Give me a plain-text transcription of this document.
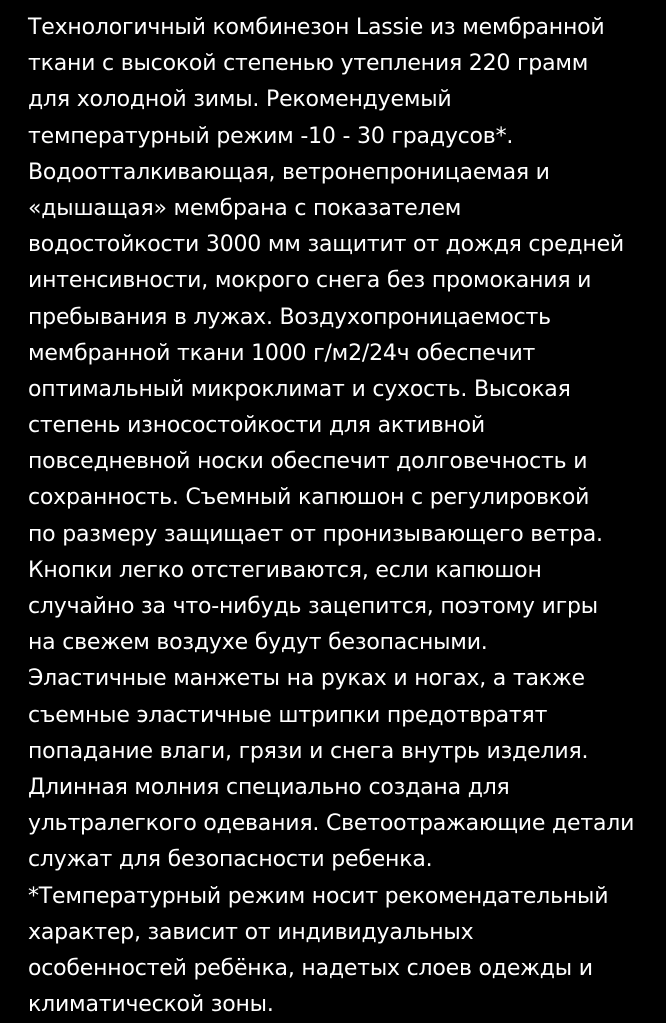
Технологичный комбинезон Lassie из мембранной
ткани с высокой степенью утепления 220 грамм
для холодной зимы. Рекомендуемый
температурный режим -10 - 30 градусов*.
Водоотталкивающая, ветронепроницаемая и
«дышащая» мембрана с показателем
водостойкости 3000 мм защитит от дождя средней
интенсивности, мокрого снега без промокания и
пребывания в лужах. Воздухопроницаемость
мембранной ткани 1000 г/м2/24ч обеспечит
оптимальный микроклимат и сухость. Высокая
степень износостойкости для активной
повседневной носки обеспечит долговечность и
сохранность. Съемный капюшон с регулировкой
по размеру защищает от пронизывающего ветра.
Кнопки легко отстегиваются, если капюшон
случайно за что-нибудь зацепится, поэтому игры
на свежем воздухе будут безопасными.
Эластичные манжеты на руках и ногах, а также
съемные эластичные штрипки предотвратят
попадание влаги, грязи и снега внутрь изделия.
Длинная молния специально создана для
ультралегкого одевания. Светоотражающие детали
служат для безопасности ребенка.
*Температурный режим носит рекомендательный
характер, зависит от индивидуальных
особенностей ребёнка, надетых слоев одежды и
климатической зоны.
